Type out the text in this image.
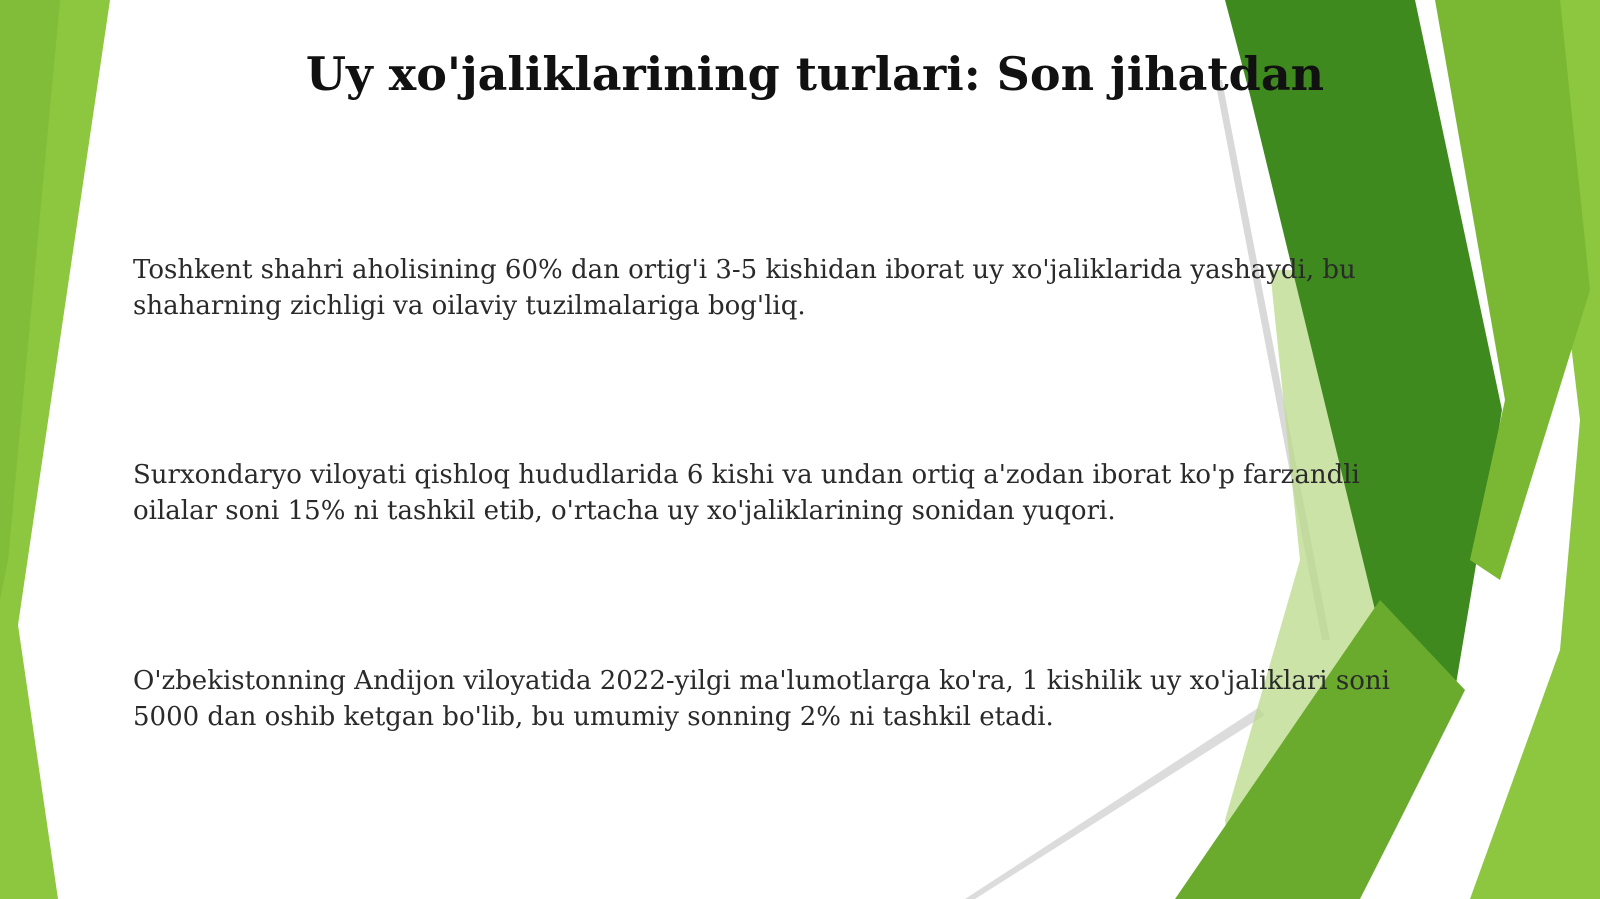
Uy xo'jaliklarining turlari: Son jihatdan

Toshkent shahri aholisining 60% dan ortig'i 3-5 kishidan iborat uy xo'jaliklarida yashaydi, bu
shaharning zichligi va oilaviy tuzilmalariga bog'liq.

Surxondaryo viloyati qishloq hududlarida 6 kishi va undan ortiq a'zodan iborat ko'p farzandli
oilalar soni 15% ni tashkil etib, o'rtacha uy xo'jaliklarining sonidan yuqori.

O'zbekistonning Andijon viloyatida 2022-yilgi ma'lumotlarga ko'ra, 1 kishilik uy xo'jaliklari soni
5000 dan oshib ketgan bo'lib, bu umumiy sonning 2% ni tashkil etadi.
